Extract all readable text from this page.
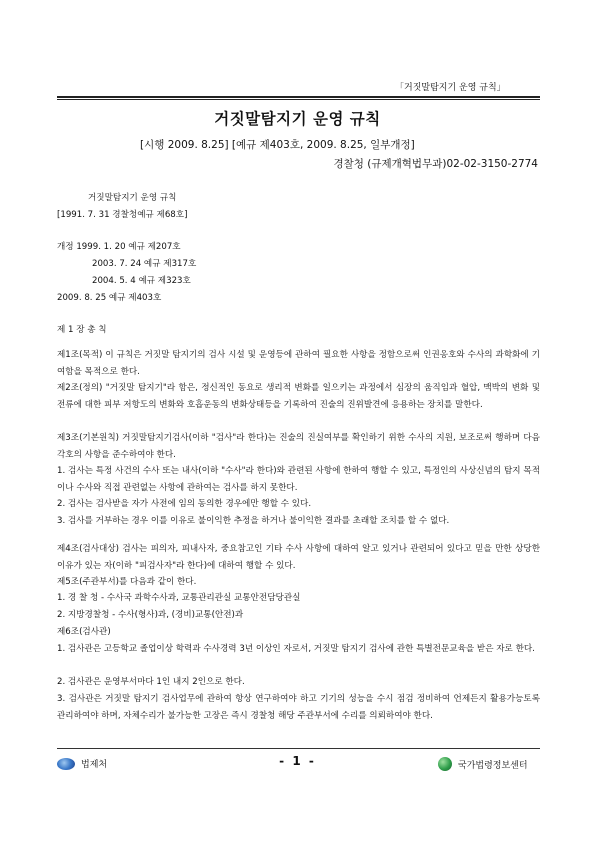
「거짓말탐지기 운영 규칙」
거짓말탐지기 운영 규칙
[시행 2009. 8.25] [예규 제403호, 2009. 8.25, 일부개정]
경찰청 (규제개혁법무과)02-02-3150-2774
거짓말탐지기 운영 규칙
[1991. 7. 31 경찰청예규 제68호]
개정 1999. 1. 20 예규 제207호
2003. 7. 24 예규 제317호
2004. 5. 4 예규 제323호
2009. 8. 25 예규 제403호
제 1 장 총 칙
제1조(목적) 이 규칙은 거짓말 탐지기의 검사 시설 및 운영등에 관하여 필요한 사항을 정함으로써 인권옹호와 수사의 과학화에 기여함을 목적으로 한다.
제2조(정의) "거짓말 탐지기"라 함은, 정신적인 동요로 생리적 변화를 일으키는 과정에서 심장의 움직임과 혈압, 맥박의 변화 및 전류에 대한 피부 저항도의 변화와 호흡운동의 변화상태등을 기록하여 진술의 진위발견에 응용하는 장치를 말한다.
제3조(기본원칙) 거짓말탐지기검사(이하 "검사"라 한다)는 진술의 진실여부를 확인하기 위한 수사의 지원, 보조로써 행하며 다음 각호의 사항을 준수하여야 한다.
1. 검사는 특정 사건의 수사 또는 내사(이하 "수사"라 한다)와 관련된 사항에 한하여 행할 수 있고, 특정인의 사상신념의 탐지 목적이나 수사와 직접 관련없는 사항에 관하여는 검사를 하지 못한다.
2. 검사는 검사받을 자가 사전에 임의 동의한 경우에만 행할 수 있다.
3. 검사를 거부하는 경우 이를 이유로 불이익한 추정을 하거나 불이익한 결과를 초래할 조치를 할 수 없다.
제4조(검사대상) 검사는 피의자, 피내사자, 중요참고인 기타 수사 사항에 대하여 알고 있거나 관련되어 있다고 믿을 만한 상당한 이유가 있는 자(이하 "피검사자"라 한다)에 대하여 행할 수 있다.
제5조(주관부서)를 다음과 같이 한다.
1. 경 찰 청 - 수사국 과학수사과, 교통관리관실 교통안전담당관실
2. 지방경찰청 - 수사(형사)과, (경비)교통(안전)과
제6조(검사관)
1. 검사관은 고등학교 졸업이상 학력과 수사경력 3년 이상인 자로서, 거짓말 탐지기 검사에 관한 특별전문교육을 받은 자로 한다.
2. 검사관은 운영부서마다 1인 내지 2인으로 한다.
3. 검사관은 거짓말 탐지기 검사업무에 관하여 항상 연구하여야 하고 기기의 성능을 수시 점검 정비하여 언제든지 활용가능토록 관리하여야 하며, 자체수리가 불가능한 고장은 즉시 경찰청 해당 주관부서에 수리를 의뢰하여야 한다.
법제처	- 1 -	국가법령정보센터
